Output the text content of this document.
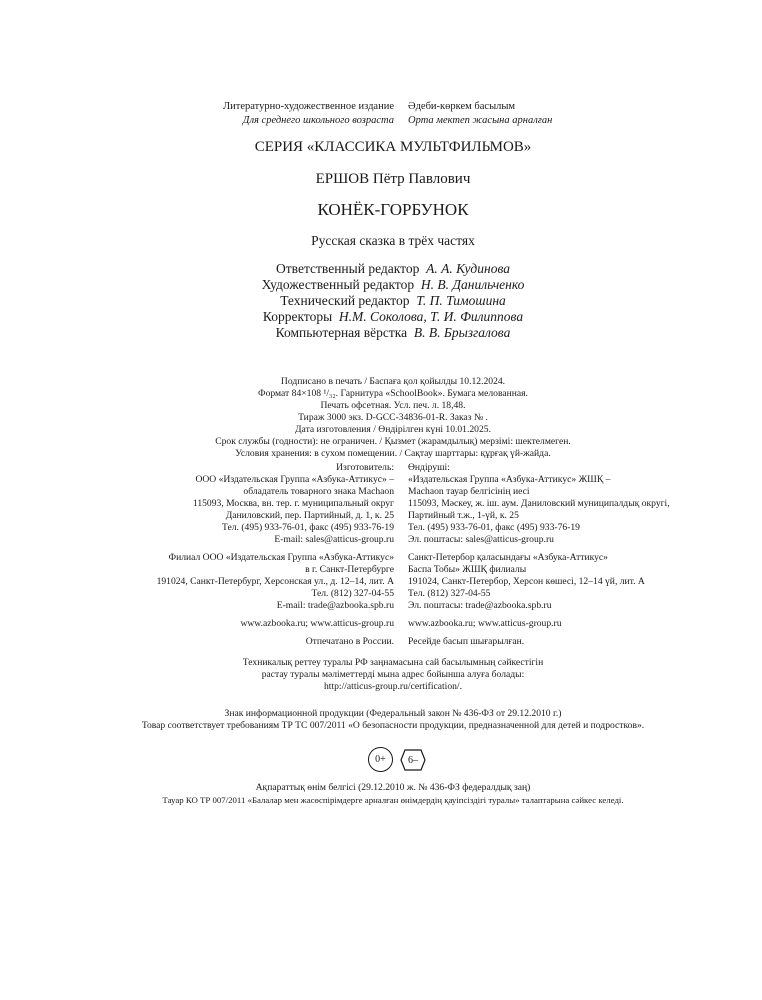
Литературно-художественное издание
Для среднего школьного возраста
Әдеби-көркем басылым
Орта мектеп жасына арналған
СЕРИЯ «КЛАССИКА МУЛЬТФИЛЬМОВ»
ЕРШОВ Пётр Павлович
КОНЁК-ГОРБУНОК
Русская сказка в трёх частях
Ответственный редактор А. А. Кудинова
Художественный редактор Н. В. Данильченко
Технический редактор Т. П. Тимошина
Корректоры Н.М. Соколова, Т. И. Филиппова
Компьютерная вёрстка В. В. Брызгалова
Подписано в печать / Баспаға қол қойылды 10.12.2024.
Формат 84×108 ¹/₃₂. Гарнитура «SchoolBook». Бумага мелованная.
Печать офсетная. Усл. печ. л. 18,48.
Тираж 3000 экз. D-GCC-34836-01-R. Заказ № .
Дата изготовления / Өндірілген күні 10.01.2025.
Срок службы (годности): не ограничен. / Қызмет (жарамдылық) мерзімі: шектелмеген.
Условия хранения: в сухом помещении. / Сақтау шарттары: құрғақ үй-жайда.
Изготовитель:
ООО «Издательская Группа «Азбука-Аттикус» –
обладатель товарного знака Machaon
115093, Москва, вн. тер. г. муниципальный округ
Даниловский, пер. Партийный, д. 1, к. 25
Тел. (495) 933-76-01, факс (495) 933-76-19
E-mail: sales@atticus-group.ru
Өндіруші:
«Издательская Группа «Азбука-Аттикус» ЖШҚ –
Machaon тауар белгісінің иесі
115093, Мәскеу, ж. іш. аум. Даниловский муниципалдық округі,
Партийный т.ж., 1-үй, к. 25
Тел. (495) 933-76-01, факс (495) 933-76-19
Эл. поштасы: sales@atticus-group.ru
Филиал ООО «Издательская Группа «Азбука-Аттикус»
в г. Санкт-Петербурге
191024, Санкт-Петербург, Херсонская ул., д. 12–14, лит. А
Тел. (812) 327-04-55
E-mail: trade@azbooka.spb.ru
Санкт-Петербор қаласындағы «Азбука-Аттикус»
Баспа Тобы» ЖШҚ филиалы
191024, Санкт-Петербор, Херсон көшесі, 12–14 үй, лит. А
Тел. (812) 327-04-55
Эл. поштасы: trade@azbooka.spb.ru
www.azbooka.ru; www.atticus-group.ru www.azbooka.ru; www.atticus-group.ru
Отпечатано в России. Ресейде басып шығарылған.
Техникалық реттеу туралы РФ заңнамасына сай басылымның сәйкестігін
растау туралы мәліметтерді мына адрес бойынша алуға болады:
http://atticus-group.ru/certification/.
Знак информационной продукции (Федеральный закон № 436-ФЗ от 29.12.2010 г.)
Товар соответствует требованиям ТР ТС 007/2011 «О безопасности продукции, предназначенной для детей и подростков».
0+ 6–
Ақпараттық өнім белгісі (29.12.2010 ж. № 436-ФЗ федералдық заң)
Тауар КО ТР 007/2011 «Балалар мен жасөспірімдерге арналған өнімдердің қауіпсіздігі туралы» талаптарына сәйкес келеді.
